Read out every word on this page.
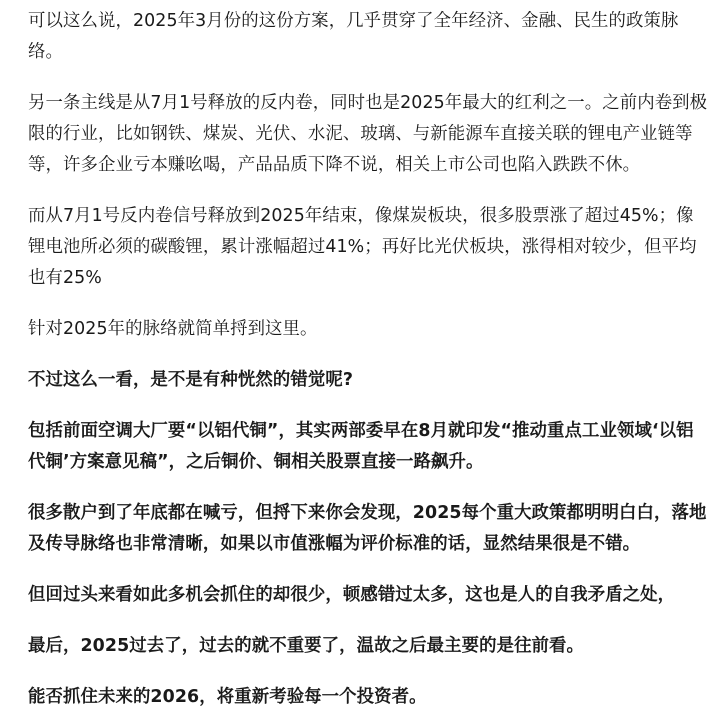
可以这么说，2025年3月份的这份方案，几乎贯穿了全年经济、金融、民生的政策脉络。

另一条主线是从7月1号释放的反内卷，同时也是2025年最大的红利之一。之前内卷到极限的行业，比如钢铁、煤炭、光伏、水泥、玻璃、与新能源车直接关联的锂电产业链等等，许多企业亏本赚吆喝，产品品质下降不说，相关上市公司也陷入跌跌不休。

而从7月1号反内卷信号释放到2025年结束，像煤炭板块，很多股票涨了超过45%；像锂电池所必须的碳酸锂，累计涨幅超过41%；再好比光伏板块，涨得相对较少，但平均也有25%

针对2025年的脉络就简单捋到这里。

不过这么一看，是不是有种恍然的错觉呢?

包括前面空调大厂要“以铝代铜”，其实两部委早在8月就印发“推动重点工业领域‘以铝代铜’方案意见稿”，之后铜价、铜相关股票直接一路飙升。

很多散户到了年底都在喊亏，但捋下来你会发现，2025每个重大政策都明明白白，落地及传导脉络也非常清晰，如果以市值涨幅为评价标准的话，显然结果很是不错。

但回过头来看如此多机会抓住的却很少，顿感错过太多，这也是人的自我矛盾之处，

最后，2025过去了，过去的就不重要了，温故之后最主要的是往前看。

能否抓住未来的2026，将重新考验每一个投资者。
